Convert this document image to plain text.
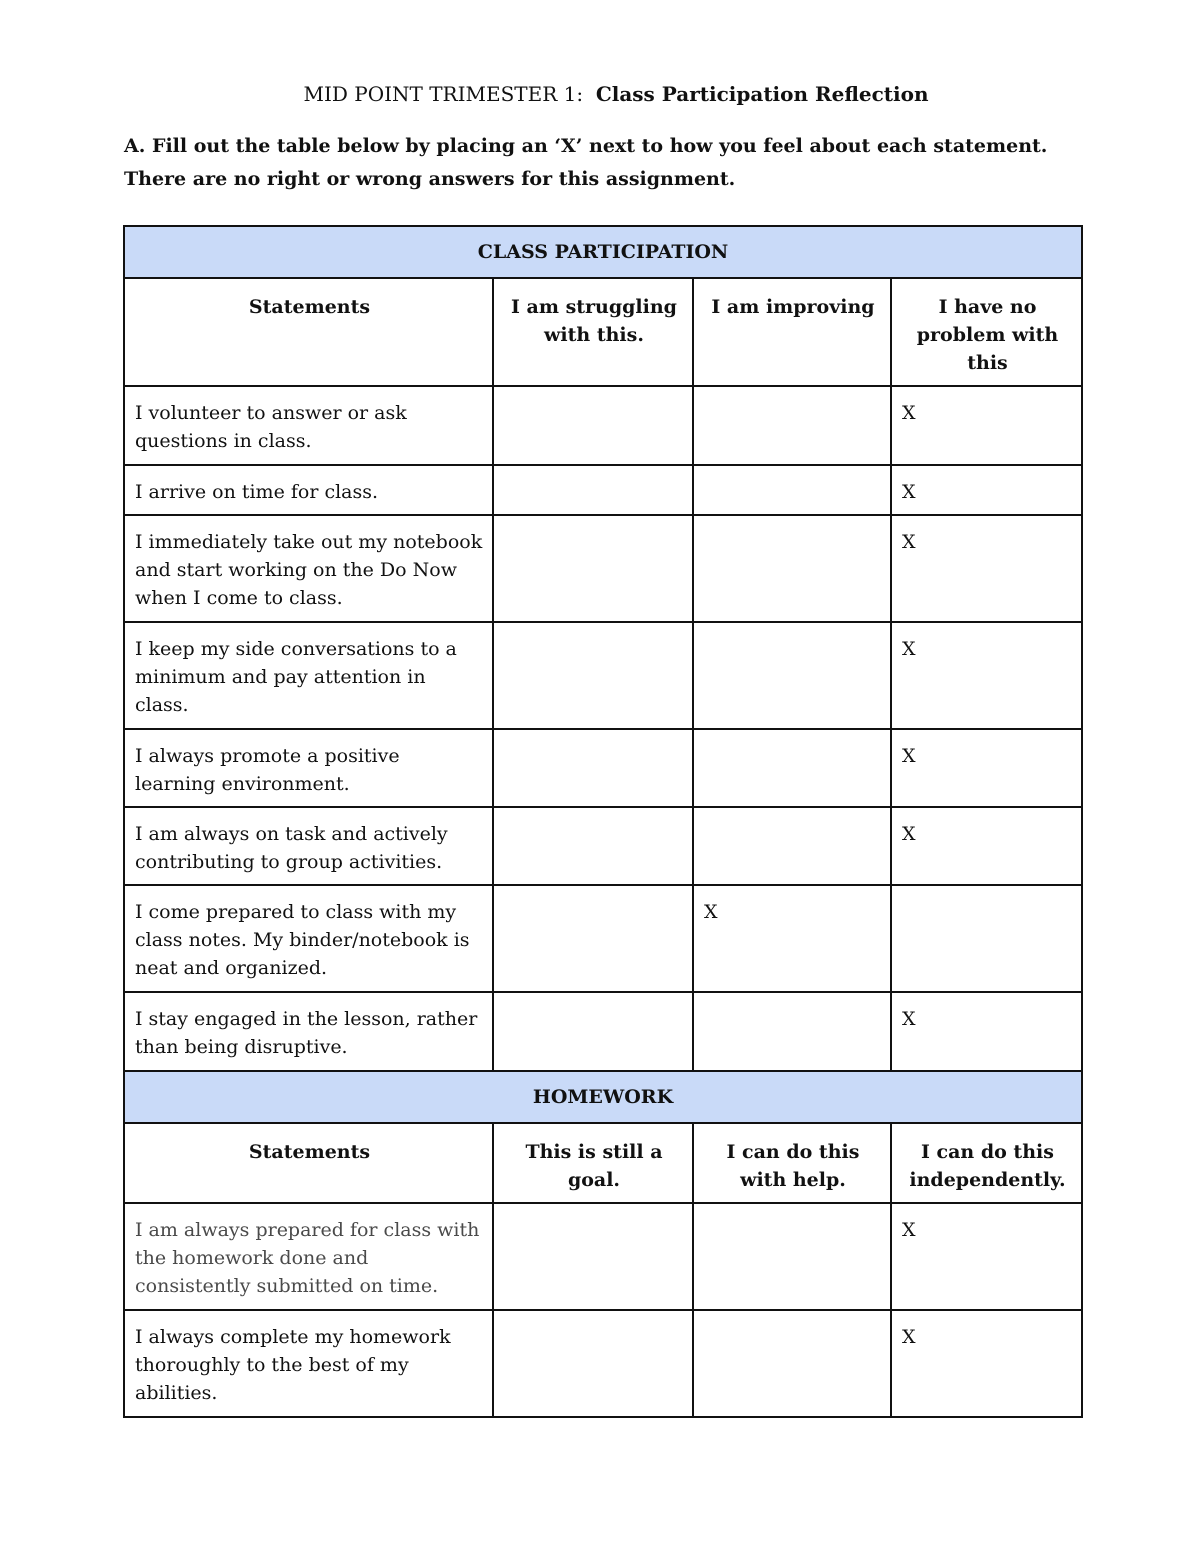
MID POINT TRIMESTER 1: Class Participation Reflection
A. Fill out the table below by placing an ‘X’ next to how you feel about each statement. There are no right or wrong answers for this assignment.
CLASS PARTICIPATION			
Statements	I am struggling with this.	I am improving	I have no problem with this
I volunteer to answer or ask questions in class.			X
I arrive on time for class.			X
I immediately take out my notebook and start working on the Do Now when I come to class.			X
I keep my side conversations to a minimum and pay attention in class.			X
I always promote a positive learning environment.			X
I am always on task and actively contributing to group activities.			X
I come prepared to class with my class notes. My binder/notebook is neat and organized.		X	
I stay engaged in the lesson, rather than being disruptive.			X
HOMEWORK			
Statements	This is still a goal.	I can do this with help.	I can do this independently.
I am always prepared for class with the homework done and consistently submitted on time.			X
I always complete my homework thoroughly to the best of my abilities.			X
